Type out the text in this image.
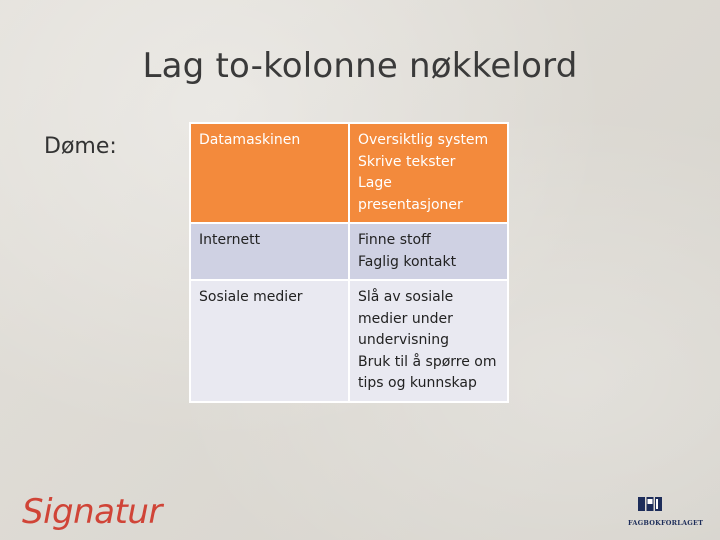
Lag to-kolonne nøkkelord
Døme:	Datamaskinen	Oversiktlig system
Skrive tekster
Lage
presentasjoner

Internett	Finne stoff
Faglig kontakt

Sosiale medier	Slå av sosiale
medier under
undervisning
Bruk til å spørre om
tips og kunnskap
Signatur	FAGBOKFORLAGET
